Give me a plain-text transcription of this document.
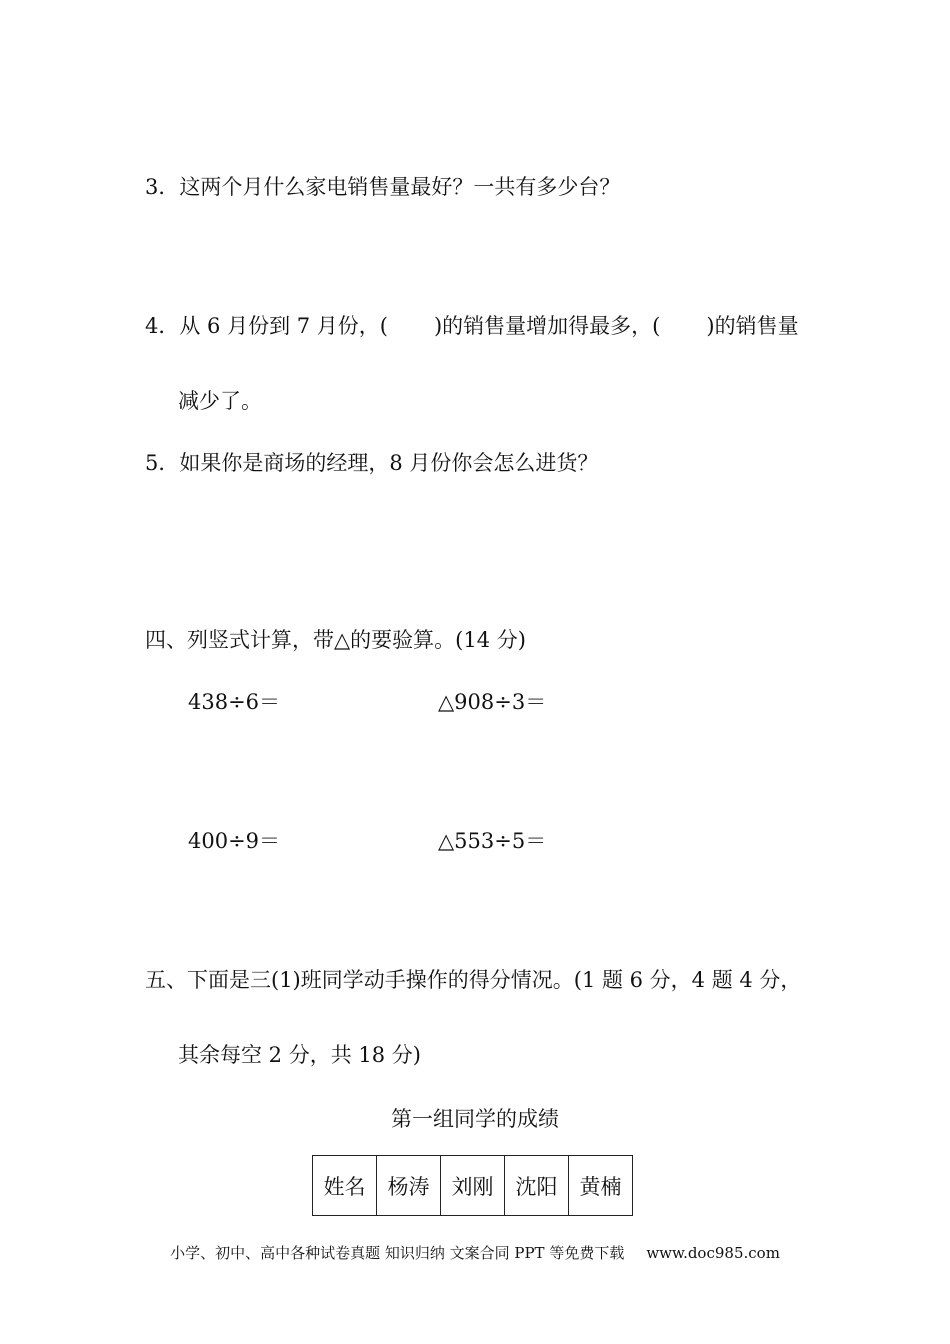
3．这两个月什么家电销售量最好？一共有多少台？
4．从 6 月份到 7 月份，( )的销售量增加得最多，( )的销售量
减少了。
5．如果你是商场的经理，8 月份你会怎么进货？
四、列竖式计算，带△的要验算。(14 分)
438÷6＝	△908÷3＝
400÷9＝	△553÷5＝
五、下面是三(1)班同学动手操作的得分情况。(1 题 6 分，4 题 4 分，
其余每空 2 分，共 18 分)
第一组同学的成绩
姓名	杨涛	刘刚	沈阳	黄楠
小学、初中、高中各种试卷真题 知识归纳 文案合同 PPT 等免费下载 www.doc985.com
